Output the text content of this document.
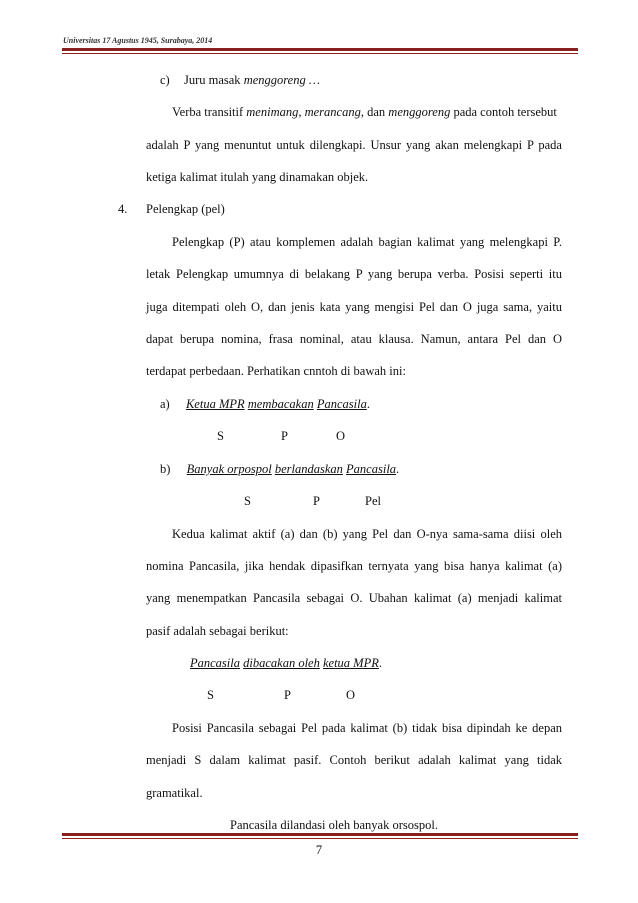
Universitas 17 Agustus 1945, Surabaya, 2014
c) Juru masak menggoreng …
Verba transitif menimang, merancang, dan menggoreng pada contoh tersebut
adalah P yang menuntut untuk dilengkapi. Unsur yang akan melengkapi P pada
ketiga kalimat itulah yang dinamakan objek.
4. Pelengkap (pel)
Pelengkap (P) atau komplemen adalah bagian kalimat yang melengkapi P.
letak Pelengkap umumnya di belakang P yang berupa verba. Posisi seperti itu
juga ditempati oleh O, dan jenis kata yang mengisi Pel dan O juga sama, yaitu
dapat berupa nomina, frasa nominal, atau klausa. Namun, antara Pel dan O
terdapat perbedaan. Perhatikan cnntoh di bawah ini:
a) Ketua MPR membacakan Pancasila.
S	P	O
b) Banyak orpospol berlandaskan Pancasila.
S	P	Pel
Kedua kalimat aktif (a) dan (b) yang Pel dan O-nya sama-sama diisi oleh
nomina Pancasila, jika hendak dipasifkan ternyata yang bisa hanya kalimat (a)
yang menempatkan Pancasila sebagai O. Ubahan kalimat (a) menjadi kalimat
pasif adalah sebagai berikut:
Pancasila dibacakan oleh ketua MPR.
S	P	O
Posisi Pancasila sebagai Pel pada kalimat (b) tidak bisa dipindah ke depan
menjadi S dalam kalimat pasif. Contoh berikut adalah kalimat yang tidak
gramatikal.
Pancasila dilandasi oleh banyak orsospol.
7
